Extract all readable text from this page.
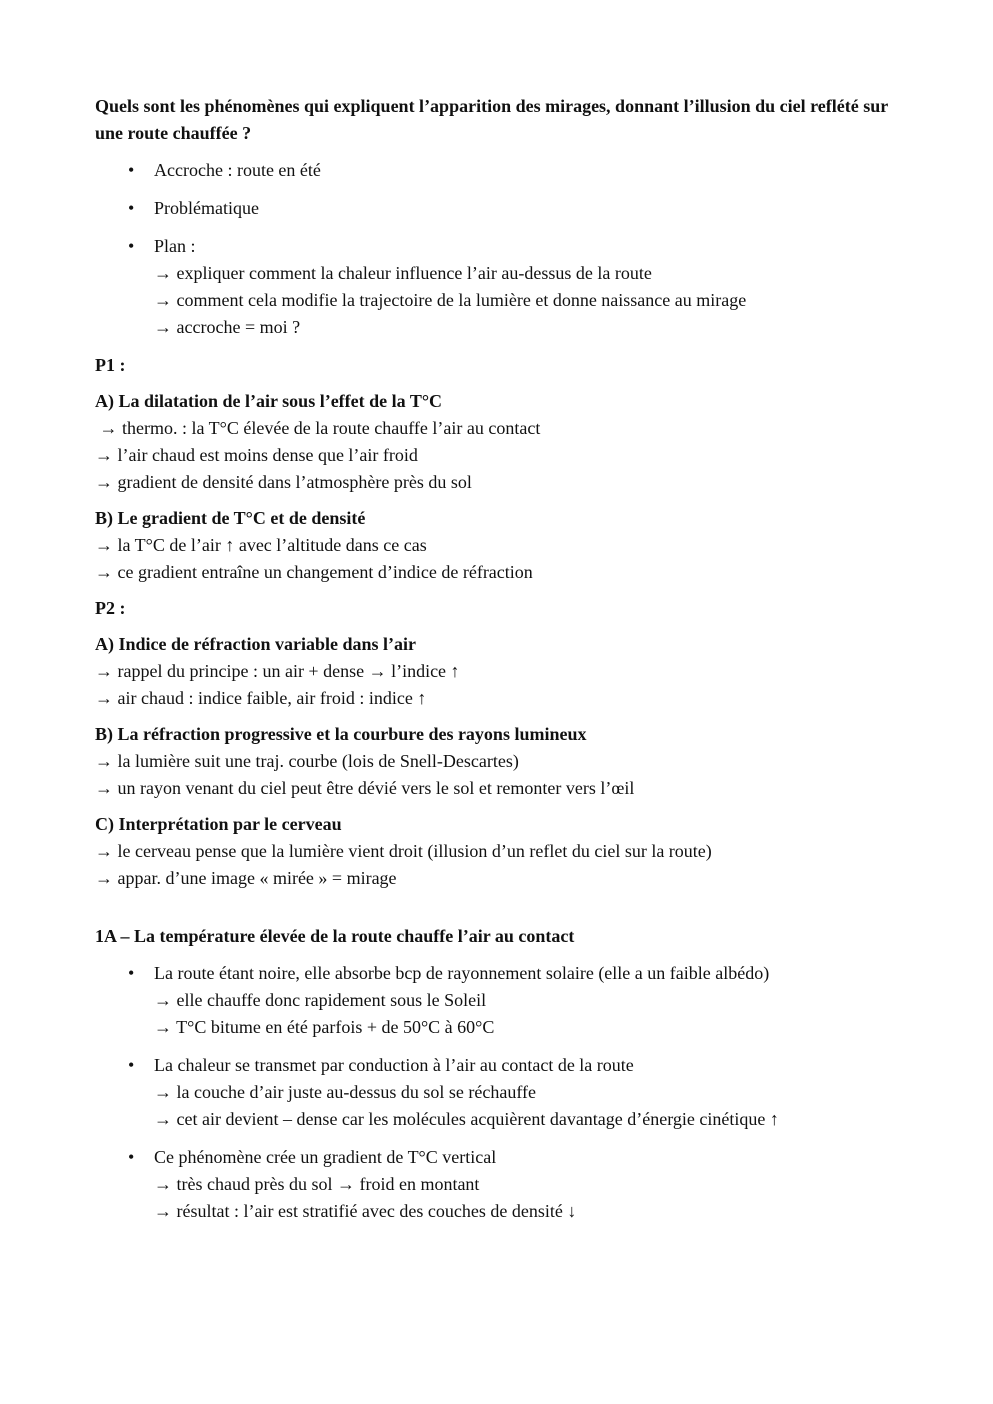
Quels sont les phénomènes qui expliquent l’apparition des mirages, donnant l’illusion du ciel reflété sur une route chauffée ?
• Accroche : route en été
• Problématique
• Plan :
→ expliquer comment la chaleur influence l’air au-dessus de la route
→ comment cela modifie la trajectoire de la lumière et donne naissance au mirage
→ accroche = moi ?
P1 :
A) La dilatation de l’air sous l’effet de la T°C
→ thermo. : la T°C élevée de la route chauffe l’air au contact
→ l’air chaud est moins dense que l’air froid
→ gradient de densité dans l’atmosphère près du sol
B) Le gradient de T°C et de densité
→ la T°C de l’air ↑ avec l’altitude dans ce cas
→ ce gradient entraîne un changement d’indice de réfraction
P2 :
A) Indice de réfraction variable dans l’air
→ rappel du principe : un air + dense → l’indice ↑
→ air chaud : indice faible, air froid : indice ↑
B) La réfraction progressive et la courbure des rayons lumineux
→ la lumière suit une traj. courbe (lois de Snell-Descartes)
→ un rayon venant du ciel peut être dévié vers le sol et remonter vers l’œil
C) Interprétation par le cerveau
→ le cerveau pense que la lumière vient droit (illusion d’un reflet du ciel sur la route)
→ appar. d’une image « mirée » = mirage
1A – La température élevée de la route chauffe l’air au contact
• La route étant noire, elle absorbe bcp de rayonnement solaire (elle a un faible albédo)
→ elle chauffe donc rapidement sous le Soleil
→ T°C bitume en été parfois + de 50°C à 60°C
• La chaleur se transmet par conduction à l’air au contact de la route
→ la couche d’air juste au-dessus du sol se réchauffe
→ cet air devient – dense car les molécules acquièrent davantage d’énergie cinétique ↑
• Ce phénomène crée un gradient de T°C vertical
→ très chaud près du sol → froid en montant
→ résultat : l’air est stratifié avec des couches de densité ↓
